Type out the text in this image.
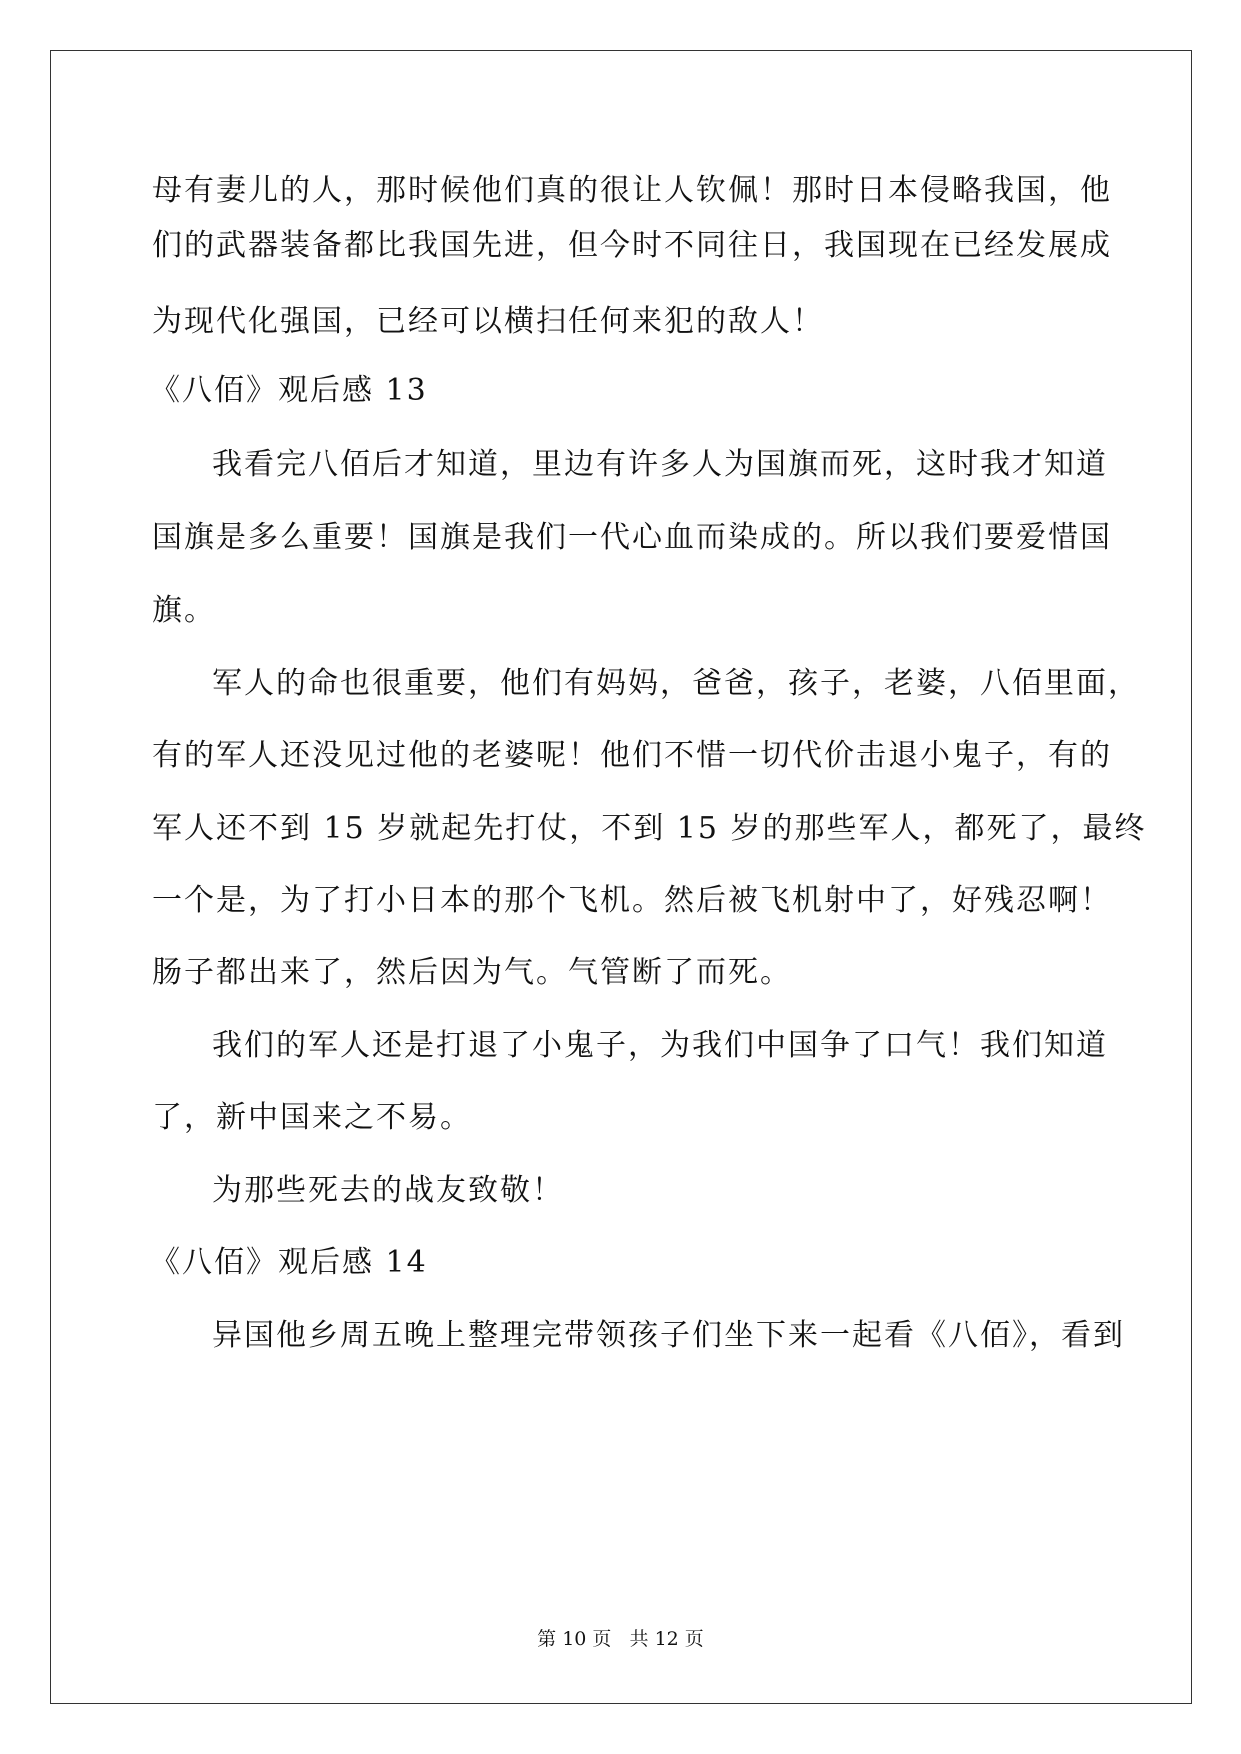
母有妻儿的人，那时候他们真的很让人钦佩！那时日本侵略我国，他
们的武器装备都比我国先进，但今时不同往日，我国现在已经发展成
为现代化强国，已经可以横扫任何来犯的敌人！
《八佰》观后感 13
我看完八佰后才知道，里边有许多人为国旗而死，这时我才知道
国旗是多么重要！国旗是我们一代心血而染成的。所以我们要爱惜国
旗。
军人的命也很重要，他们有妈妈，爸爸，孩子，老婆，八佰里面，
有的军人还没见过他的老婆呢！他们不惜一切代价击退小鬼子，有的
军人还不到 15 岁就起先打仗，不到 15 岁的那些军人，都死了，最终
一个是，为了打小日本的那个飞机。然后被飞机射中了，好残忍啊！
肠子都出来了，然后因为气。气管断了而死。
我们的军人还是打退了小鬼子，为我们中国争了口气！我们知道
了，新中国来之不易。
为那些死去的战友致敬！
《八佰》观后感 14
异国他乡周五晚上整理完带领孩子们坐下来一起看《八佰》，看到
第 10 页   共 12 页
